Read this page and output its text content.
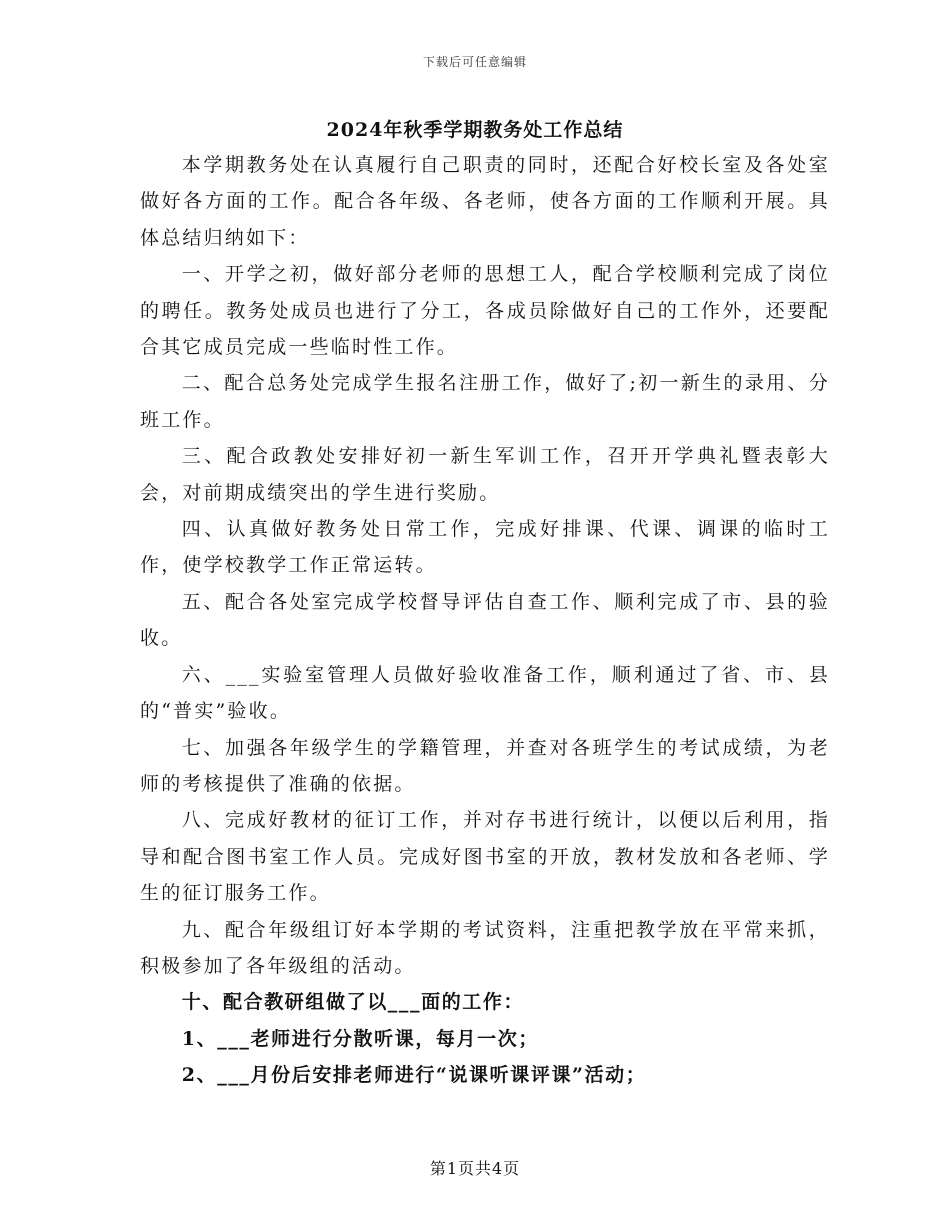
下载后可任意编辑
2024年秋季学期教务处工作总结

本学期教务处在认真履行自己职责的同时，还配合好校长室及各处室做好各方面的工作。配合各年级、各老师，使各方面的工作顺利开展。具体总结归纳如下：

一、开学之初，做好部分老师的思想工人，配合学校顺利完成了岗位的聘任。教务处成员也进行了分工，各成员除做好自己的工作外，还要配合其它成员完成一些临时性工作。

二、配合总务处完成学生报名注册工作，做好了;初一新生的录用、分班工作。

三、配合政教处安排好初一新生军训工作，召开开学典礼暨表彰大会，对前期成绩突出的学生进行奖励。

四、认真做好教务处日常工作，完成好排课、代课、调课的临时工作，使学校教学工作正常运转。

五、配合各处室完成学校督导评估自查工作、顺利完成了市、县的验收。

六、___实验室管理人员做好验收准备工作，顺利通过了省、市、县的“普实”验收。

七、加强各年级学生的学籍管理，并查对各班学生的考试成绩，为老师的考核提供了准确的依据。

八、完成好教材的征订工作，并对存书进行统计，以便以后利用，指导和配合图书室工作人员。完成好图书室的开放，教材发放和各老师、学生的征订服务工作。

九、配合年级组订好本学期的考试资料，注重把教学放在平常来抓，积极参加了各年级组的活动。

十、配合教研组做了以___面的工作：

1、___老师进行分散听课，每月一次；

2、___月份后安排老师进行“说课听课评课”活动；

第1页共4页
